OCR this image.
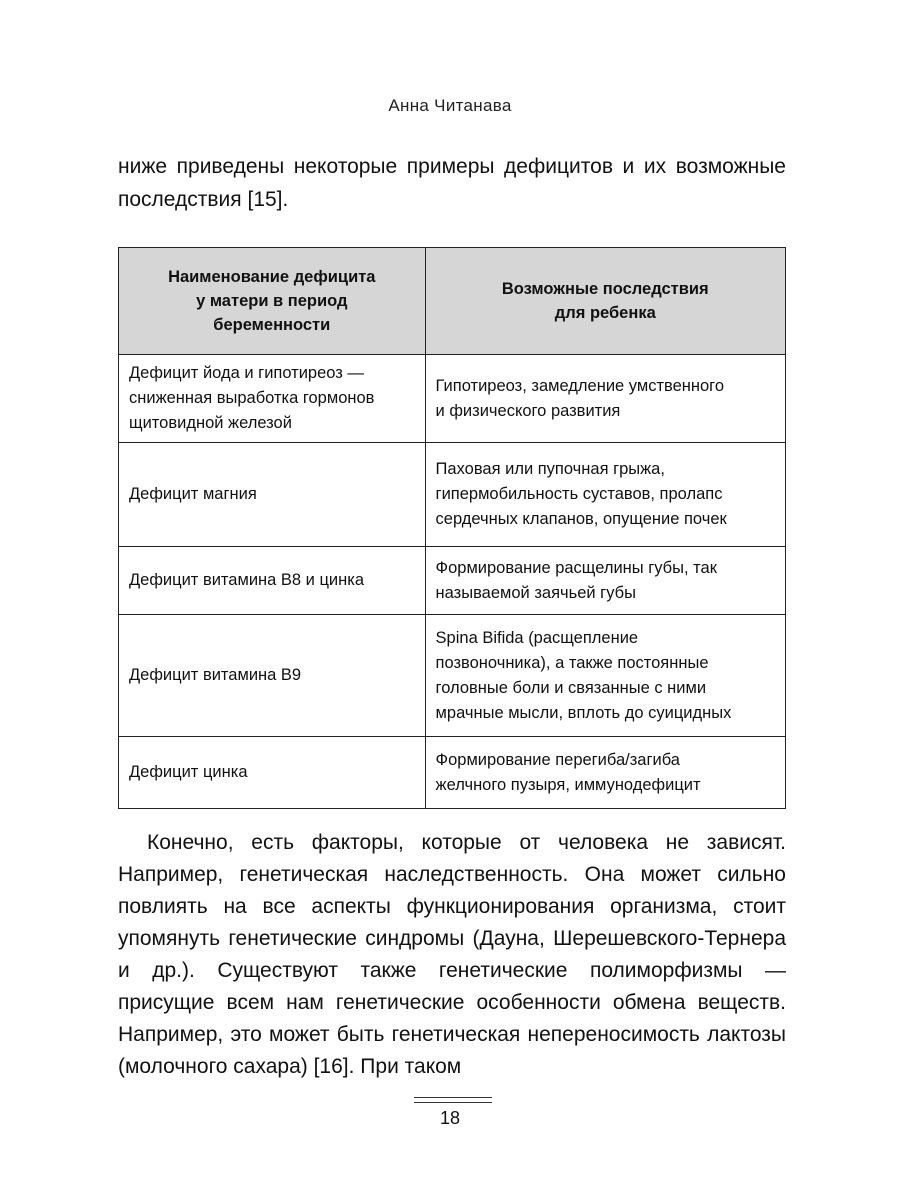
Анна Читанава

ниже приведены некоторые примеры дефицитов и их возможные последствия [15].

Наименование дефицита
у матери в период
беременности	Возможные последствия
для ребенка

Дефицит йода и гипотиреоз —
сниженная выработка гормонов
щитовидной железой	Гипотиреоз, замедление умственного
и физического развития

Дефицит магния	Паховая или пупочная грыжа,
гипермобильность суставов, пролапс
сердечных клапанов, опущение почек

Дефицит витамина В8 и цинка	Формирование расщелины губы, так
называемой заячьей губы

Дефицит витамина В9	Spina Bifida (расщепление
позвоночника), а также постоянные
головные боли и связанные с ними
мрачные мысли, вплоть до суицидных

Дефицит цинка	Формирование перегиба/загиба
желчного пузыря, иммунодефицит

Конечно, есть факторы, которые от человека не зависят. Например, генетическая наследственность. Она может сильно повлиять на все аспекты функционирования организма, стоит упомянуть генетические синдромы (Дауна, Шерешевского-Тернера и др.). Существуют также генетические полиморфизмы — присущие всем нам генетические особенности обмена веществ. Например, это может быть генетическая непереносимость лактозы (молочного сахара) [16]. При таком

18
